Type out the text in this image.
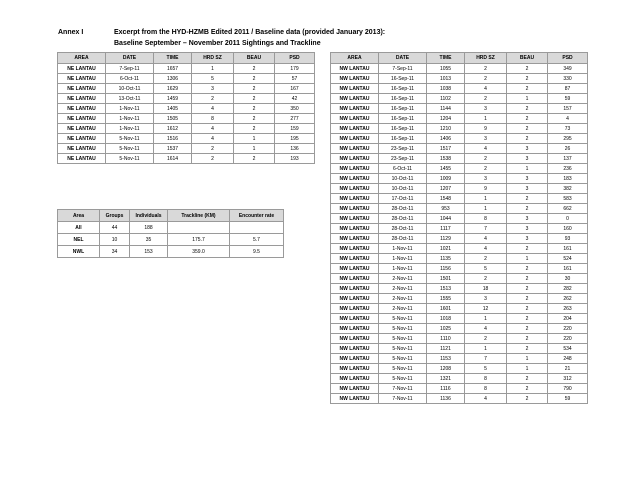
Annex I	Excerpt from the HYD-HZMB Edited 2011 / Baseline data (provided January 2013):
Baseline September – November 2011 Sightings and Trackline
AREA	DATE	TIME	HRD SZ	BEAU	PSD
NE LANTAU	7-Sep-11	1657	1	2	179
NE LANTAU	6-Oct-11	1306	5	2	57
NE LANTAU	10-Oct-11	1629	3	2	167
NE LANTAU	13-Oct-11	1459	2	2	42
NE LANTAU	1-Nov-11	1405	4	2	350
NE LANTAU	1-Nov-11	1505	8	2	277
NE LANTAU	1-Nov-11	1612	4	2	159
NE LANTAU	5-Nov-11	1516	4	1	195
NE LANTAU	5-Nov-11	1537	2	1	136
NE LANTAU	5-Nov-11	1614	2	2	193
AREA	DATE	TIME	HRD SZ	BEAU	PSD
NW LANTAU	7-Sep-11	1055	2	2	349
NW LANTAU	16-Sep-11	1013	2	2	330
NW LANTAU	16-Sep-11	1038	4	2	87
NW LANTAU	16-Sep-11	1102	2	1	59
NW LANTAU	16-Sep-11	1144	3	2	157
NW LANTAU	16-Sep-11	1204	1	2	4
NW LANTAU	16-Sep-11	1210	9	2	73
NW LANTAU	16-Sep-11	1406	3	2	295
NW LANTAU	23-Sep-11	1517	4	3	26
NW LANTAU	23-Sep-11	1538	2	3	137
NW LANTAU	6-Oct-11	1455	2	1	236
NW LANTAU	10-Oct-11	1009	3	3	183
NW LANTAU	10-Oct-11	1207	9	3	382
NW LANTAU	17-Oct-11	1548	1	2	583
NW LANTAU	28-Oct-11	953	1	2	662
NW LANTAU	28-Oct-11	1044	8	3	0
NW LANTAU	28-Oct-11	1117	7	3	160
NW LANTAU	28-Oct-11	1129	4	3	93
NW LANTAU	1-Nov-11	1021	4	2	161
NW LANTAU	1-Nov-11	1135	2	1	524
NW LANTAU	1-Nov-11	1156	5	2	161
NW LANTAU	2-Nov-11	1501	2	2	30
NW LANTAU	2-Nov-11	1513	18	2	282
NW LANTAU	2-Nov-11	1555	3	2	262
NW LANTAU	2-Nov-11	1601	12	2	263
NW LANTAU	5-Nov-11	1018	1	2	204
NW LANTAU	5-Nov-11	1025	4	2	220
NW LANTAU	5-Nov-11	1110	2	2	220
NW LANTAU	5-Nov-11	1121	1	2	534
NW LANTAU	5-Nov-11	1153	7	1	248
NW LANTAU	5-Nov-11	1208	5	1	21
NW LANTAU	5-Nov-11	1321	8	2	312
NW LANTAU	7-Nov-11	1116	8	2	790
NW LANTAU	7-Nov-11	1136	4	2	59
Area	Groups	Individuals	Trackline (KM)	Encounter rate
All	44	188		
NEL	10	35	175.7	5.7
NWL	34	153	359.0	9.5
